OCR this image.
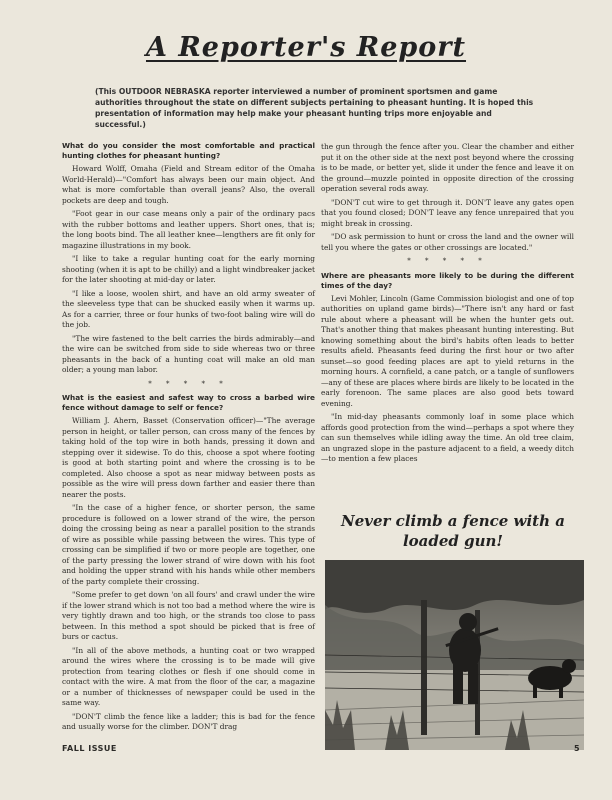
A Reporter's Report
(This OUTDOOR NEBRASKA reporter interviewed a number of prominent sportsmen and game authorities throughout the state on different subjects pertaining to pheasant hunting. It is hoped this presentation of information may help make your pheasant hunting trips more enjoyable and successful.)

What do you consider the most comfortable and practical hunting clothes for pheasant hunting?

Howard Wolff, Omaha (Field and Stream editor of the Omaha World-Herald)—"Comfort has always been our main object. And what is more comfortable than overall jeans? Also, the overall pockets are deep and tough.

"Foot gear in our case means only a pair of the ordinary pacs with the rubber bottoms and leather uppers. Short ones, that is; the long boots bind. The all leather knee—lengthers are fit only for magazine illustrations in my book.

"I like to take a regular hunting coat for the early morning shooting (when it is apt to be chilly) and a light windbreaker jacket for the later shooting at mid-day or later.

"I like a loose, woolen shirt, and have an old army sweater of the sleeveless type that can be shucked easily when it warms up. As for a carrier, three or four hunks of two-foot baling wire will do the job.

"The wire fastened to the belt carries the birds admirably—and the wire can be switched from side to side whereas two or three pheasants in the back of a hunting coat will make an old man older; a young man labor.

* * * * *

What is the easiest and safest way to cross a barbed wire fence without damage to self or fence?

William J. Ahern, Basset (Conservation officer)—"The average person in height, or taller person, can cross many of the fences by taking hold of the top wire in both hands, pressing it down and stepping over it sidewise. To do this, choose a spot where footing is good at both starting point and where the crossing is to be completed. Also choose a spot as near midway between posts as possible as the wire will press down farther and easier there than nearer the posts.

"In the case of a higher fence, or shorter person, the same procedure is followed on a lower strand of the wire, the person doing the crossing being as near a parallel position to the strands of wire as possible while passing between the wires. This type of crossing can be simplified if two or more people are together, one of the party pressing the lower strand of wire down with his foot and holding the upper strand with his hands while other members of the party complete their crossing.

"Some prefer to get down 'on all fours' and crawl under the wire if the lower strand which is not too bad a method where the wire is very tightly drawn and too high, or the strands too close to pass between. In this method a spot should be picked that is free of burs or cactus.

"In all of the above methods, a hunting coat or two wrapped around the wires where the crossing is to be made will give protection from tearing clothes or flesh if one should come in contact with the wire. A mat from the floor of the car, a magazine or a number of thicknesses of newspaper could be used in the same way.

"DON'T climb the fence like a ladder; this is bad for the fence and usually worse for the climber. DON'T drag

the gun through the fence after you. Clear the chamber and either put it on the other side at the next post beyond where the crossing is to be made, or better yet, slide it under the fence and leave it on the ground—muzzle pointed in opposite direction of the crossing operation several rods away.

"DON'T cut wire to get through it. DON'T leave any gates open that you found closed; DON'T leave any fence unrepaired that you might break in crossing.

"DO ask permission to hunt or cross the land and the owner will tell you where the gates or other crossings are located."

* * * * *

Where are pheasants more likely to be during the different times of the day?

Levi Mohler, Lincoln (Game Commission biologist and one of top authorities on upland game birds)—"There isn't any hard or fast rule about where a pheasant will be when the hunter gets out. That's another thing that makes pheasant hunting interesting. But knowing something about the bird's habits often leads to better results afield. Pheasants feed during the first hour or two after sunset—so good feeding places are apt to yield returns in the morning hours. A cornfield, a cane patch, or a tangle of sunflowers—any of these are places where birds are likely to be located in the early forenoon. The same places are also good bets toward evening.

"In mid-day pheasants commonly loaf in some place which affords good protection from the wind—perhaps a spot where they can sun themselves while idling away the time. An old tree claim, an ungrazed slope in the pasture adjacent to a field, a weedy ditch—to mention a few places

Never climb a fence with a loaded gun!
FALL ISSUE	5
